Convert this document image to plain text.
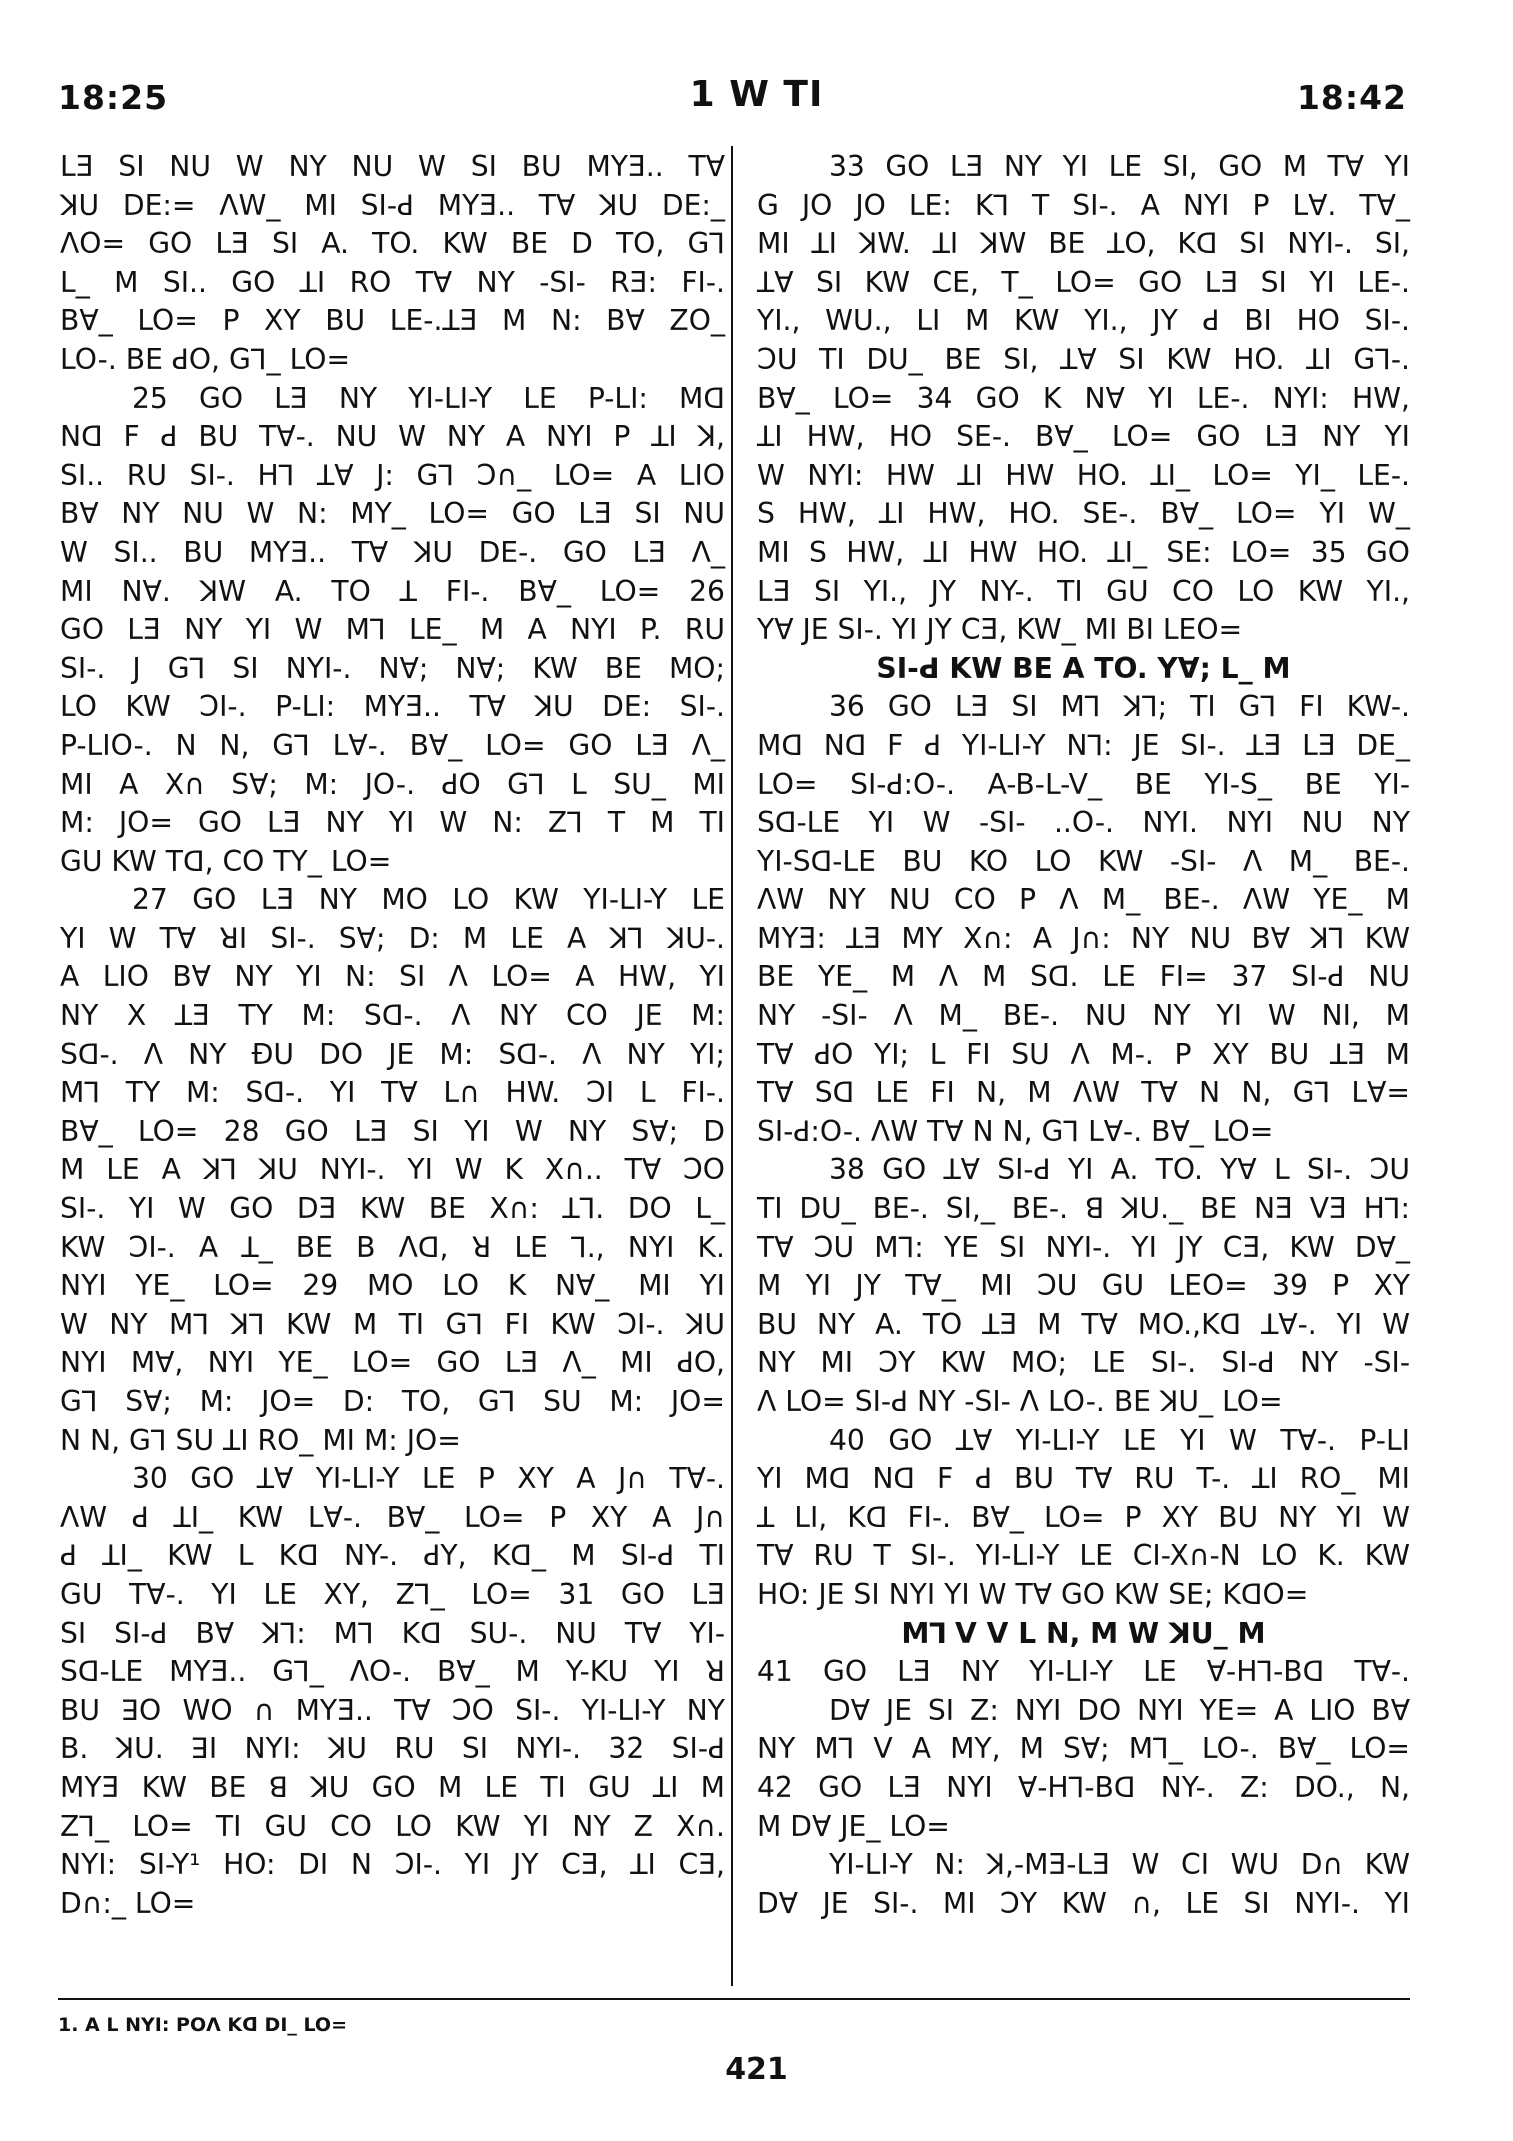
18:25	1 W TI	18:42
LƎ SI NU W NY NU W SI BU MYƎ.. TⱯ
ꓘU DE:= ɅW_ MI SI-ꓒ MYƎ.. TⱯ ꓘU DE:_
ɅO= GO LƎ SI A. TO. KW BE D TO, Gꓶ
L_ M SI.. GO ꓕI RO TⱯ NY -SI- RƎ: FI-.
BⱯ_ LO= P XY BU LE-.ꓕƎ M N: BⱯ ZO_
LO-. BE ꓒO, Gꓶ_ LO=
25 GO LƎ NY YI-LI-Y LE P-LI: Mꓷ
Nꓷ F ꓒ BU TⱯ-. NU W NY A NYI P ꓕI ꓘ,
SI.. RU SI-. Hꓶ ꓕⱯ J: Gꓶ Ↄ∩_ LO= A LIO
BⱯ NY NU W N: MY_ LO= GO LƎ SI NU
W SI.. BU MYƎ.. TⱯ ꓘU DE-. GO LƎ Ʌ_
MI NⱯ. ꓘW A. TO ꓕ FI-. BⱯ_ LO= 26
GO LƎ NY YI W Mꓶ LE_ M A NYI P. RU
SI-. J Gꓶ SI NYI-. NⱯ; NⱯ; KW BE MO;
LO KW ↃI-. P-LI: MYƎ.. TⱯ ꓘU DE: SI-.
P-LIO-. N N, Gꓶ LⱯ-. BⱯ_ LO= GO LƎ Ʌ_
MI A X∩ SⱯ; M: JO-. ꓒO Gꓶ L SU_ MI
M: JO= GO LƎ NY YI W N: Zꓶ T M TI
GU KW Tꓷ, CO TY_ LO=
27 GO LƎ NY MO LO KW YI-LI-Y LE
YI W TⱯ ꓤI SI-. SⱯ; D: M LE A ꓘꓶ ꓘU-.
A LIO BⱯ NY YI N: SI Ʌ LO= A HW, YI
NY X ꓕƎ TY M: Sꓷ-. Ʌ NY CO JE M:
Sꓷ-. Ʌ NY ƉU DO JE M: Sꓷ-. Ʌ NY YI;
Mꓶ TY M: Sꓷ-. YI TⱯ L∩ HW. ↃI L FI-.
BⱯ_ LO= 28 GO LƎ SI YI W NY SⱯ; D
M LE A ꓘꓶ ꓘU NYI-. YI W K X∩.. TⱯ ↃO
SI-. YI W GO DƎ KW BE X∩: ꓕꓶ. DO L_
KW ↃI-. A ꓕ_ BE B Ʌꓷ, ꓤ LE ꓶ., NYI K.
NYI YE_ LO= 29 MO LO K NⱯ_ MI YI
W NY Mꓶ ꓘꓶ KW M TI Gꓶ FI KW ↃI-. ꓘU
NYI MⱯ, NYI YE_ LO= GO LƎ Ʌ_ MI ꓒO,
Gꓶ SⱯ; M: JO= D: TO, Gꓶ SU M: JO=
N N, Gꓶ SU ꓕI RO_ MI M: JO=
30 GO ꓕⱯ YI-LI-Y LE P XY A J∩ TⱯ-.
ɅW ꓒ ꓕI_ KW LⱯ-. BⱯ_ LO= P XY A J∩
ꓒ ꓕI_ KW L Kꓷ NY-. ꓒY, Kꓷ_ M SI-ꓒ TI
GU TⱯ-. YI LE XY, Zꓶ_ LO= 31 GO LƎ
SI SI-ꓒ BⱯ ꓘꓶ: Mꓶ Kꓷ SU-. NU TⱯ YI-
Sꓷ-LE MYƎ.. Gꓶ_ ɅO-. BⱯ_ M Y-KU YI ꓤ
BU ꓱO WO ∩ MYƎ.. TⱯ ↃO SI-. YI-LI-Y NY
B. ꓘU. ꓱI NYI: ꓘU RU SI NYI-. 32 SI-ꓒ
MYƎ KW BE ꓭ ꓘU GO M LE TI GU ꓕI M
Zꓶ_ LO= TI GU CO LO KW YI NY Z X∩.
NYI: SI-Y¹ HO: DI N ↃI-. YI JY CƎ, ꓕI CƎ,
D∩:_ LO=
33 GO LƎ NY YI LE SI, GO M TⱯ YI
G JO JO LE: Kꓶ T SI-. A NYI P LⱯ. TⱯ_
MI ꓕI ꓘW. ꓕI ꓘW BE ꓕO, Kꓷ SI NYI-. SI,
ꓕⱯ SI KW CE, T_ LO= GO LƎ SI YI LE-.
YI., WU., LI M KW YI., JY ꓒ BI HO SI-.
ↃU TI DU_ BE SI, ꓕⱯ SI KW HO. ꓕI Gꓶ-.
BⱯ_ LO= 34 GO K NⱯ YI LE-. NYI: HW,
ꓕI HW, HO SE-. BⱯ_ LO= GO LƎ NY YI
W NYI: HW ꓕI HW HO. ꓕI_ LO= YI_ LE-.
S HW, ꓕI HW, HO. SE-. BⱯ_ LO= YI W_
MI S HW, ꓕI HW HO. ꓕI_ SE: LO= 35 GO
LƎ SI YI., JY NY-. TI GU CO LO KW YI.,
YⱯ JE SI-. YI JY CƎ, KW_ MI BI LEO=
SI-ꓒ KW BE A TO. YⱯ; L_ M
36 GO LƎ SI Mꓶ ꓘꓶ; TI Gꓶ FI KW-.
Mꓷ Nꓷ F ꓒ YI-LI-Y Nꓶ: JE SI-. ꓕƎ LƎ DE_
LO= SI-ꓒ:O-. A-B-L-V_ BE YI-S_ BE YI-
Sꓷ-LE YI W -SI- ..O-. NYI. NYI NU NY
YI-Sꓷ-LE BU KO LO KW -SI- Ʌ M_ BE-.
ɅW NY NU CO P Ʌ M_ BE-. ɅW YE_ M
MYƎ: ꓕƎ MY X∩: A J∩: NY NU BⱯ ꓘꓶ KW
BE YE_ M Ʌ M Sꓷ. LE FI= 37 SI-ꓒ NU
NY -SI- Ʌ M_ BE-. NU NY YI W NI, M
TⱯ ꓒO YI; L FI SU Ʌ M-. P XY BU ꓕƎ M
TⱯ Sꓷ LE FI N, M ɅW TⱯ N N, Gꓶ LⱯ=
SI-ꓒ:O-. ɅW TⱯ N N, Gꓶ LⱯ-. BⱯ_ LO=
38 GO ꓕⱯ SI-ꓒ YI A. TO. YⱯ L SI-. ↃU
TI DU_ BE-. SI,_ BE-. ꓭ ꓘU._ BE NƎ VƎ Hꓶ:
TⱯ ↃU Mꓶ: YE SI NYI-. YI JY CƎ, KW DⱯ_
M YI JY TⱯ_ MI ↃU GU LEO= 39 P XY
BU NY A. TO ꓕƎ M TⱯ MO.,Kꓷ ꓕⱯ-. YI W
NY MI ↃY KW MO; LE SI-. SI-ꓒ NY -SI-
Ʌ LO= SI-ꓒ NY -SI- Ʌ LO-. BE ꓘU_ LO=
40 GO ꓕⱯ YI-LI-Y LE YI W TⱯ-. P-LI
YI Mꓷ Nꓷ F ꓒ BU TⱯ RU T-. ꓕI RO_ MI
ꓕ LI, Kꓷ FI-. BⱯ_ LO= P XY BU NY YI W
TⱯ RU T SI-. YI-LI-Y LE CI-X∩-N LO K. KW
HO: JE SI NYI YI W TⱯ GO KW SE; KꓷO=
Mꓶ V V L N, M W ꓘU_ M
41 GO LƎ NY YI-LI-Y LE Ɐ-Hꓶ-Bꓷ TⱯ-.
DⱯ JE SI Z: NYI DO NYI YE= A LIO BⱯ
NY Mꓶ V A MY, M SⱯ; Mꓶ_ LO-. BⱯ_ LO=
42 GO LƎ NYI Ɐ-Hꓶ-Bꓷ NY-. Z: DO., N,
M DⱯ JE_ LO=
YI-LI-Y N: ꓘ,-MƎ-LƎ W CI WU D∩ KW
DⱯ JE SI-. MI ↃY KW ∩, LE SI NYI-. YI
1. A L NYI: POɅ Kꓷ DI_ LO=
421
